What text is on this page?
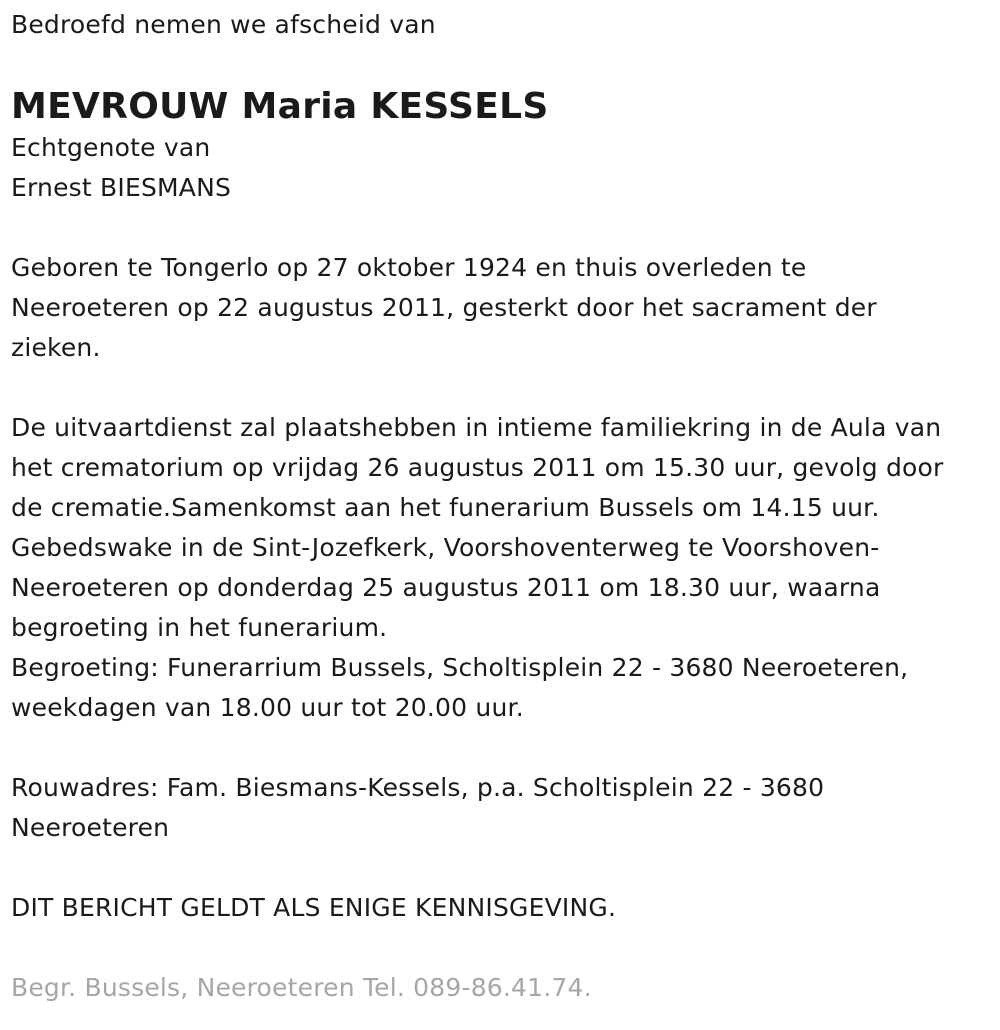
Bedroefd nemen we afscheid van
MEVROUW Maria KESSELS
Echtgenote van
Ernest BIESMANS
Geboren te Tongerlo op 27 oktober 1924 en thuis overleden te
Neeroeteren op 22 augustus 2011, gesterkt door het sacrament der
zieken.
De uitvaartdienst zal plaatshebben in intieme familiekring in de Aula van
het crematorium op vrijdag 26 augustus 2011 om 15.30 uur, gevolg door
de crematie.Samenkomst aan het funerarium Bussels om 14.15 uur.
Gebedswake in de Sint-Jozefkerk, Voorshoventerweg te Voorshoven-
Neeroeteren op donderdag 25 augustus 2011 om 18.30 uur, waarna
begroeting in het funerarium.
Begroeting: Funerarrium Bussels, Scholtisplein 22 - 3680 Neeroeteren,
weekdagen van 18.00 uur tot 20.00 uur.
Rouwadres: Fam. Biesmans-Kessels, p.a. Scholtisplein 22 - 3680
Neeroeteren
DIT BERICHT GELDT ALS ENIGE KENNISGEVING.
Begr. Bussels, Neeroeteren Tel. 089-86.41.74.
